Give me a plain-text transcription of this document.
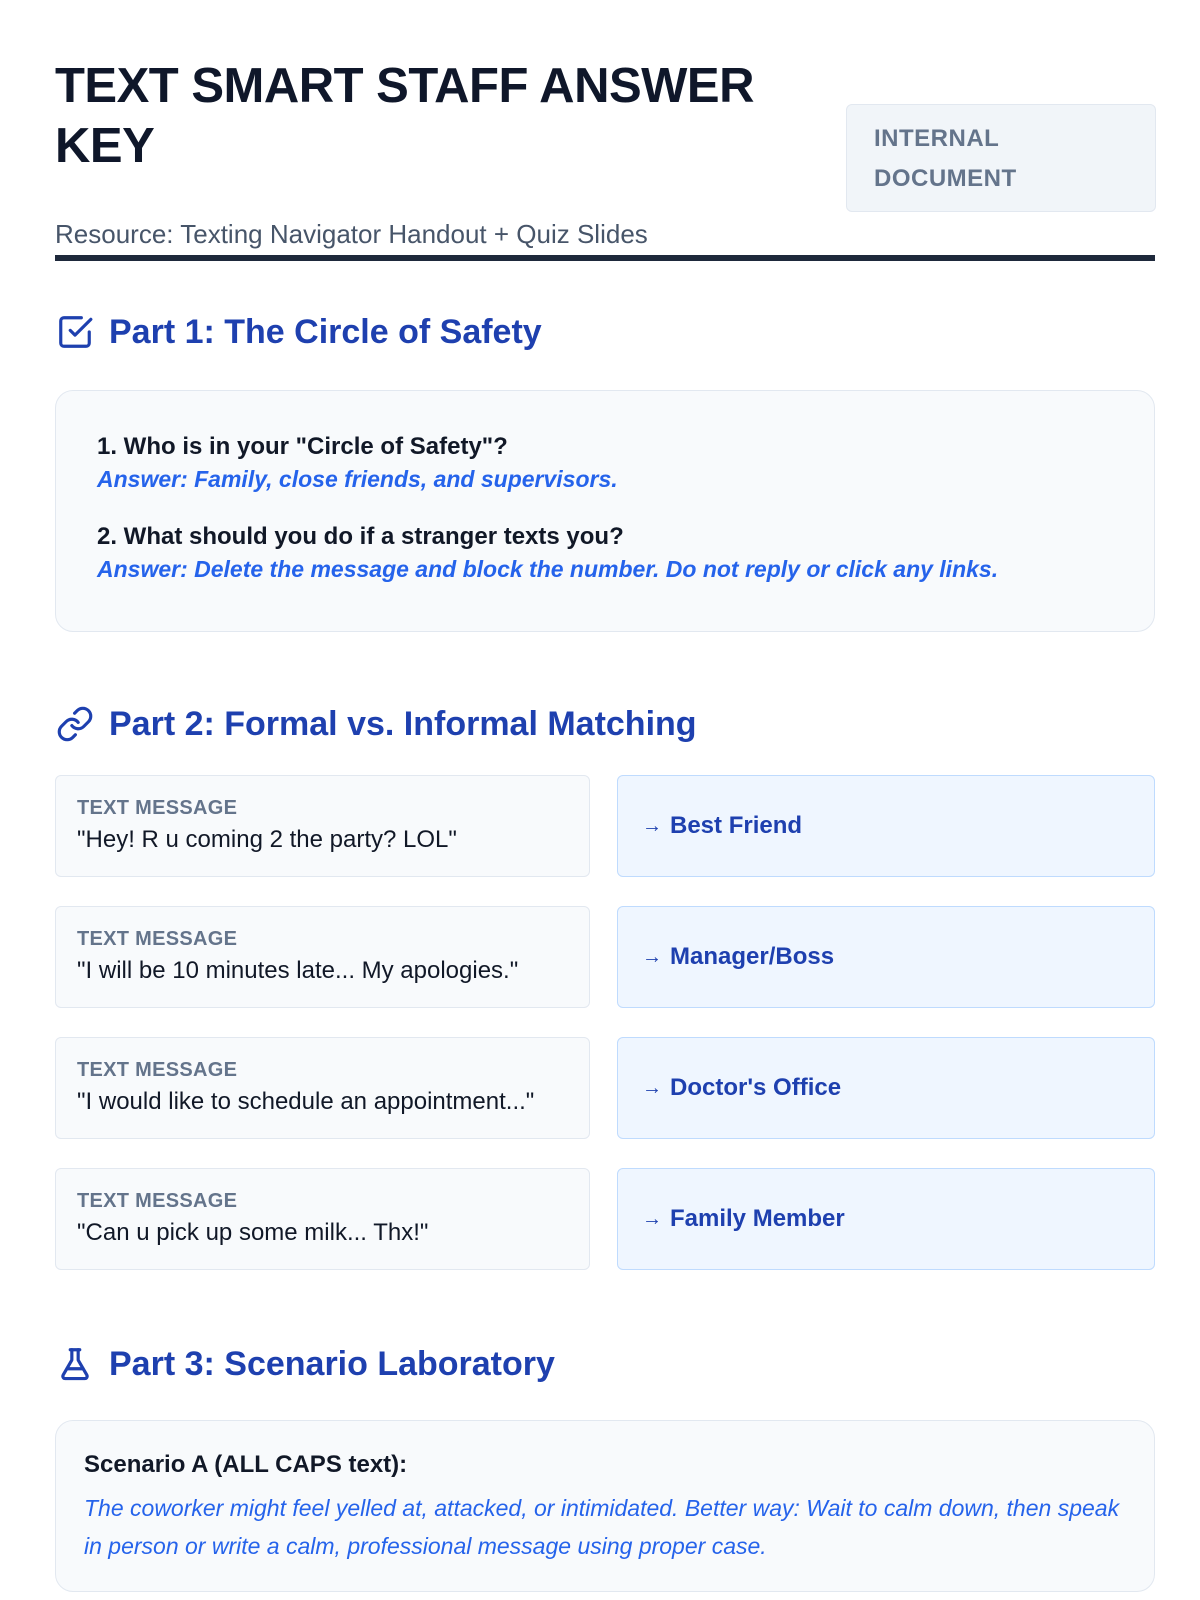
TEXT SMART STAFF ANSWER KEY
Resource: Texting Navigator Handout + Quiz Slides
INTERNAL
DOCUMENT
Part 1: The Circle of Safety
1. Who is in your "Circle of Safety"?
Answer: Family, close friends, and supervisors.
2. What should you do if a stranger texts you?
Answer: Delete the message and block the number. Do not reply or click any links.
Part 2: Formal vs. Informal Matching
TEXT MESSAGE
"Hey! R u coming 2 the party? LOL"
→ Best Friend
TEXT MESSAGE
"I will be 10 minutes late... My apologies."
→ Manager/Boss
TEXT MESSAGE
"I would like to schedule an appointment..."
→ Doctor's Office
TEXT MESSAGE
"Can u pick up some milk... Thx!"
→ Family Member
Part 3: Scenario Laboratory
Scenario A (ALL CAPS text):
The coworker might feel yelled at, attacked, or intimidated. Better way: Wait to calm down, then speak in person or write a calm, professional message using proper case.
